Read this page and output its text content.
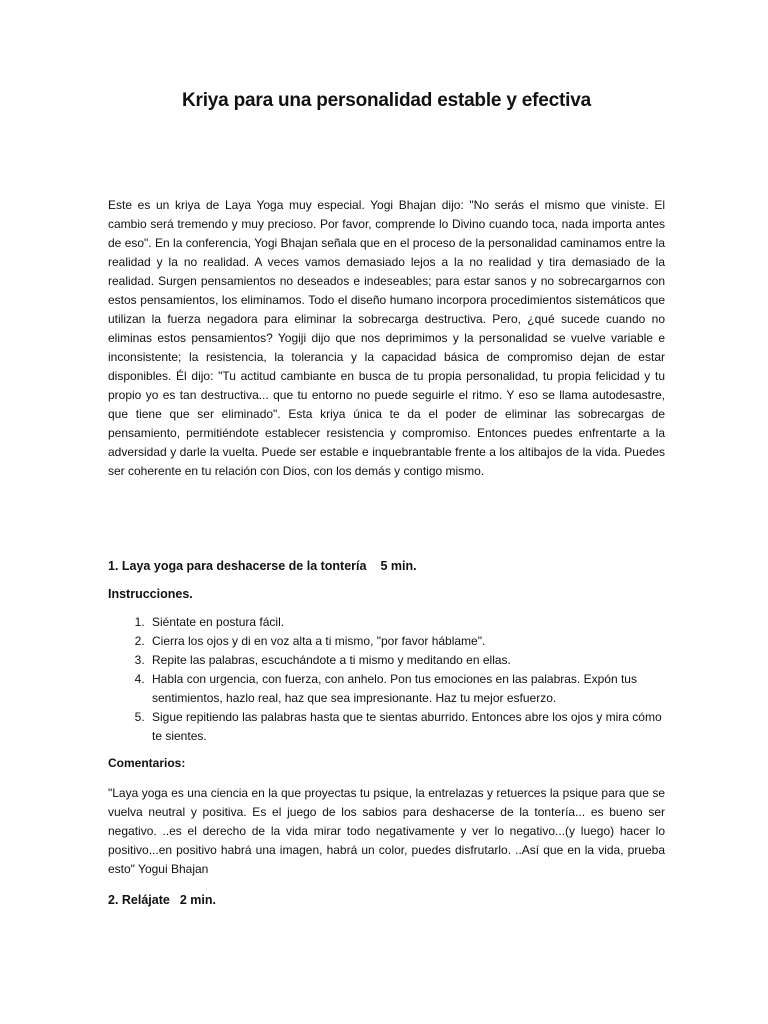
Kriya para una personalidad estable y efectiva

Este es un kriya de Laya Yoga muy especial. Yogi Bhajan dijo: "No serás el mismo que viniste. El cambio será tremendo y muy precioso. Por favor, comprende lo Divino cuando toca, nada importa antes de eso". En la conferencia, Yogi Bhajan señala que en el proceso de la personalidad caminamos entre la realidad y la no realidad. A veces vamos demasiado lejos a la no realidad y tira demasiado de la realidad. Surgen pensamientos no deseados e indeseables; para estar sanos y no sobrecargarnos con estos pensamientos, los eliminamos. Todo el diseño humano incorpora procedimientos sistemáticos que utilizan la fuerza negadora para eliminar la sobrecarga destructiva. Pero, ¿qué sucede cuando no eliminas estos pensamientos? Yogiji dijo que nos deprimimos y la personalidad se vuelve variable e inconsistente; la resistencia, la tolerancia y la capacidad básica de compromiso dejan de estar disponibles. Él dijo: "Tu actitud cambiante en busca de tu propia personalidad, tu propia felicidad y tu propio yo es tan destructiva... que tu entorno no puede seguirle el ritmo. Y eso se llama autodesastre, que tiene que ser eliminado". Esta kriya única te da el poder de eliminar las sobrecargas de pensamiento, permitiéndote establecer resistencia y compromiso. Entonces puedes enfrentarte a la adversidad y darle la vuelta. Puede ser estable e inquebrantable frente a los altibajos de la vida. Puedes ser coherente en tu relación con Dios, con los demás y contigo mismo.

1. Laya yoga para deshacerse de la tontería 5 min.

Instrucciones.

1. Siéntate en postura fácil.
2. Cierra los ojos y di en voz alta a ti mismo, "por favor háblame".
3. Repite las palabras, escuchándote a ti mismo y meditando en ellas.
4. Habla con urgencia, con fuerza, con anhelo. Pon tus emociones en las palabras. Expón tus sentimientos, hazlo real, haz que sea impresionante. Haz tu mejor esfuerzo.
5. Sigue repitiendo las palabras hasta que te sientas aburrido. Entonces abre los ojos y mira cómo te sientes.

Comentarios:

"Laya yoga es una ciencia en la que proyectas tu psique, la entrelazas y retuerces la psique para que se vuelva neutral y positiva. Es el juego de los sabios para deshacerse de la tontería... es bueno ser negativo. ..es el derecho de la vida mirar todo negativamente y ver lo negativo...(y luego) hacer lo positivo...en positivo habrá una imagen, habrá un color, puedes disfrutarlo. ..Así que en la vida, prueba esto" Yogui Bhajan

2. Relájate 2 min.
